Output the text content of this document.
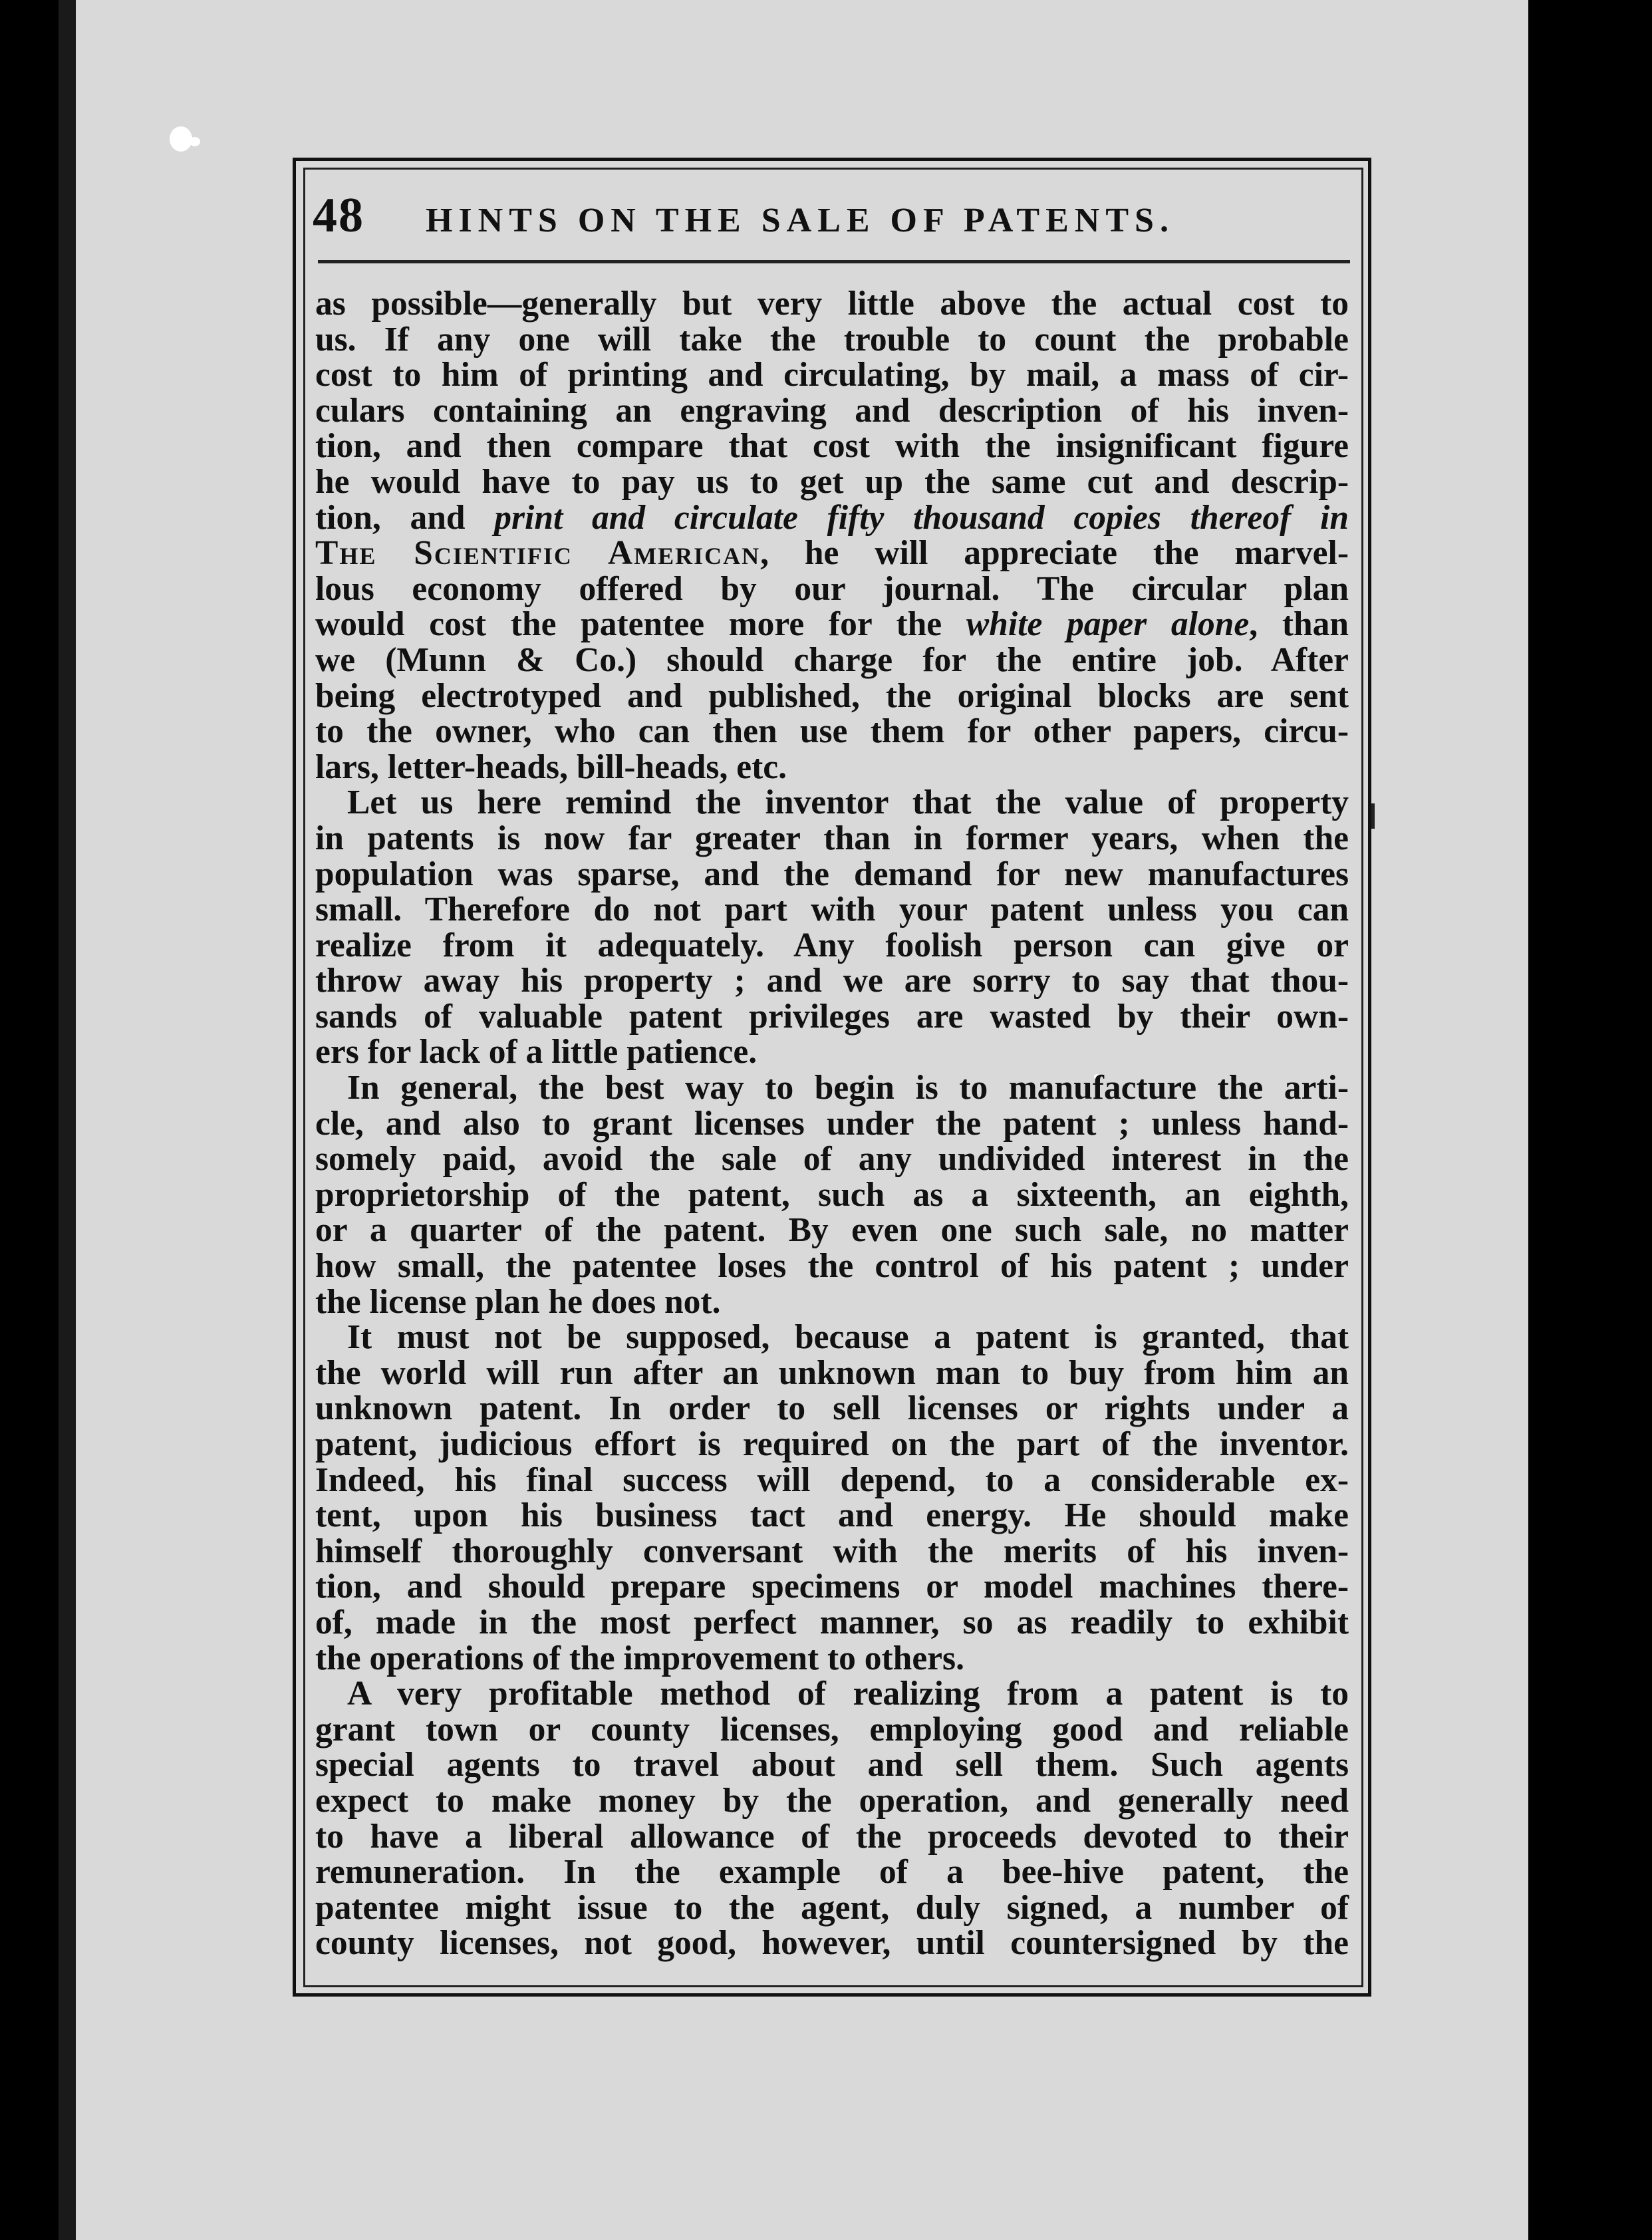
48	HINTS ON THE SALE OF PATENTS.
as possible—generally but very little above the actual cost to
us. If any one will take the trouble to count the probable
cost to him of printing and circulating, by mail, a mass of cir-
culars containing an engraving and description of his inven-
tion, and then compare that cost with the insignificant figure
he would have to pay us to get up the same cut and descrip-
tion, and print and circulate fifty thousand copies thereof in
The Scientific American, he will appreciate the marvel-
lous economy offered by our journal. The circular plan
would cost the patentee more for the white paper alone, than
we (Munn & Co.) should charge for the entire job. After
being electrotyped and published, the original blocks are sent
to the owner, who can then use them for other papers, circu-
lars, letter-heads, bill-heads, etc.
Let us here remind the inventor that the value of property
in patents is now far greater than in former years, when the
population was sparse, and the demand for new manufactures
small. Therefore do not part with your patent unless you can
realize from it adequately. Any foolish person can give or
throw away his property ; and we are sorry to say that thou-
sands of valuable patent privileges are wasted by their own-
ers for lack of a little patience.
In general, the best way to begin is to manufacture the arti-
cle, and also to grant licenses under the patent ; unless hand-
somely paid, avoid the sale of any undivided interest in the
proprietorship of the patent, such as a sixteenth, an eighth,
or a quarter of the patent. By even one such sale, no matter
how small, the patentee loses the control of his patent ; under
the license plan he does not.
It must not be supposed, because a patent is granted, that
the world will run after an unknown man to buy from him an
unknown patent. In order to sell licenses or rights under a
patent, judicious effort is required on the part of the inventor.
Indeed, his final success will depend, to a considerable ex-
tent, upon his business tact and energy. He should make
himself thoroughly conversant with the merits of his inven-
tion, and should prepare specimens or model machines there-
of, made in the most perfect manner, so as readily to exhibit
the operations of the improvement to others.
A very profitable method of realizing from a patent is to
grant town or county licenses, employing good and reliable
special agents to travel about and sell them. Such agents
expect to make money by the operation, and generally need
to have a liberal allowance of the proceeds devoted to their
remuneration. In the example of a bee-hive patent, the
patentee might issue to the agent, duly signed, a number of
county licenses, not good, however, until countersigned by the
